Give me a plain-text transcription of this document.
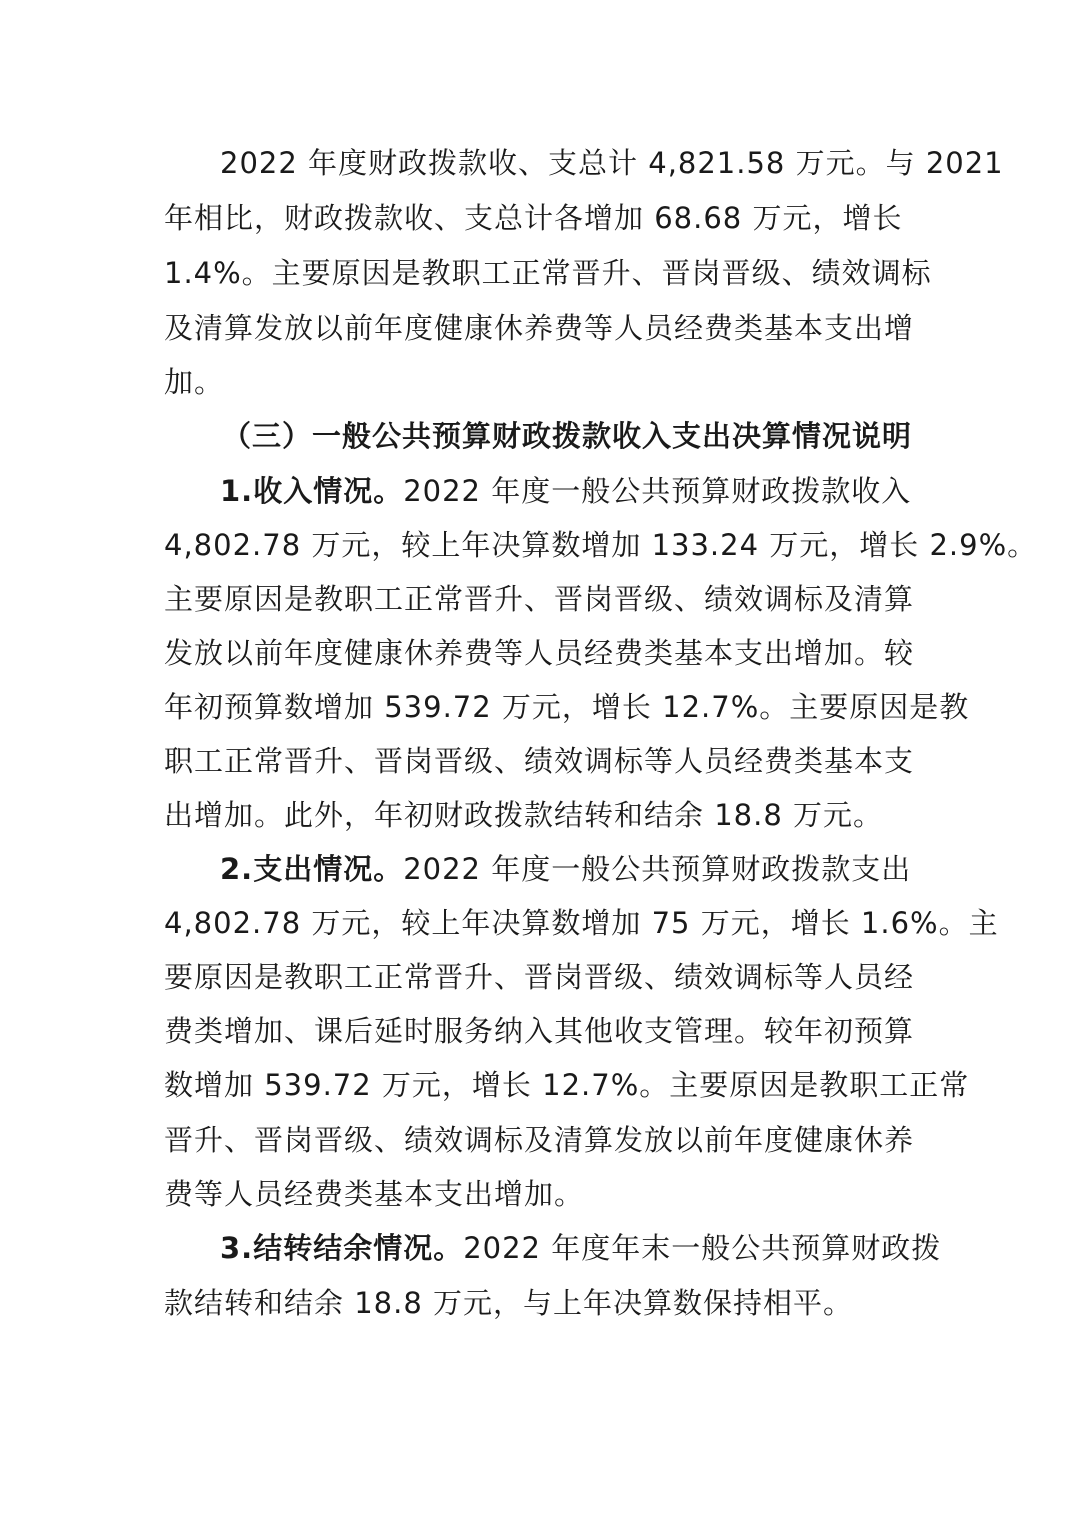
2022 年度财政拨款收、支总计 4,821.58 万元。与 2021
年相比，财政拨款收、支总计各增加 68.68 万元，增长
1.4%。主要原因是教职工正常晋升、晋岗晋级、绩效调标
及清算发放以前年度健康休养费等人员经费类基本支出增
加。
（三）一般公共预算财政拨款收入支出决算情况说明
1.收入情况。2022 年度一般公共预算财政拨款收入
4,802.78 万元，较上年决算数增加 133.24 万元，增长 2.9%。
主要原因是教职工正常晋升、晋岗晋级、绩效调标及清算
发放以前年度健康休养费等人员经费类基本支出增加。较
年初预算数增加 539.72 万元，增长 12.7%。主要原因是教
职工正常晋升、晋岗晋级、绩效调标等人员经费类基本支
出增加。此外，年初财政拨款结转和结余 18.8 万元。
2.支出情况。2022 年度一般公共预算财政拨款支出
4,802.78 万元，较上年决算数增加 75 万元，增长 1.6%。主
要原因是教职工正常晋升、晋岗晋级、绩效调标等人员经
费类增加、课后延时服务纳入其他收支管理。较年初预算
数增加 539.72 万元，增长 12.7%。主要原因是教职工正常
晋升、晋岗晋级、绩效调标及清算发放以前年度健康休养
费等人员经费类基本支出增加。
3.结转结余情况。2022 年度年末一般公共预算财政拨
款结转和结余 18.8 万元，与上年决算数保持相平。
